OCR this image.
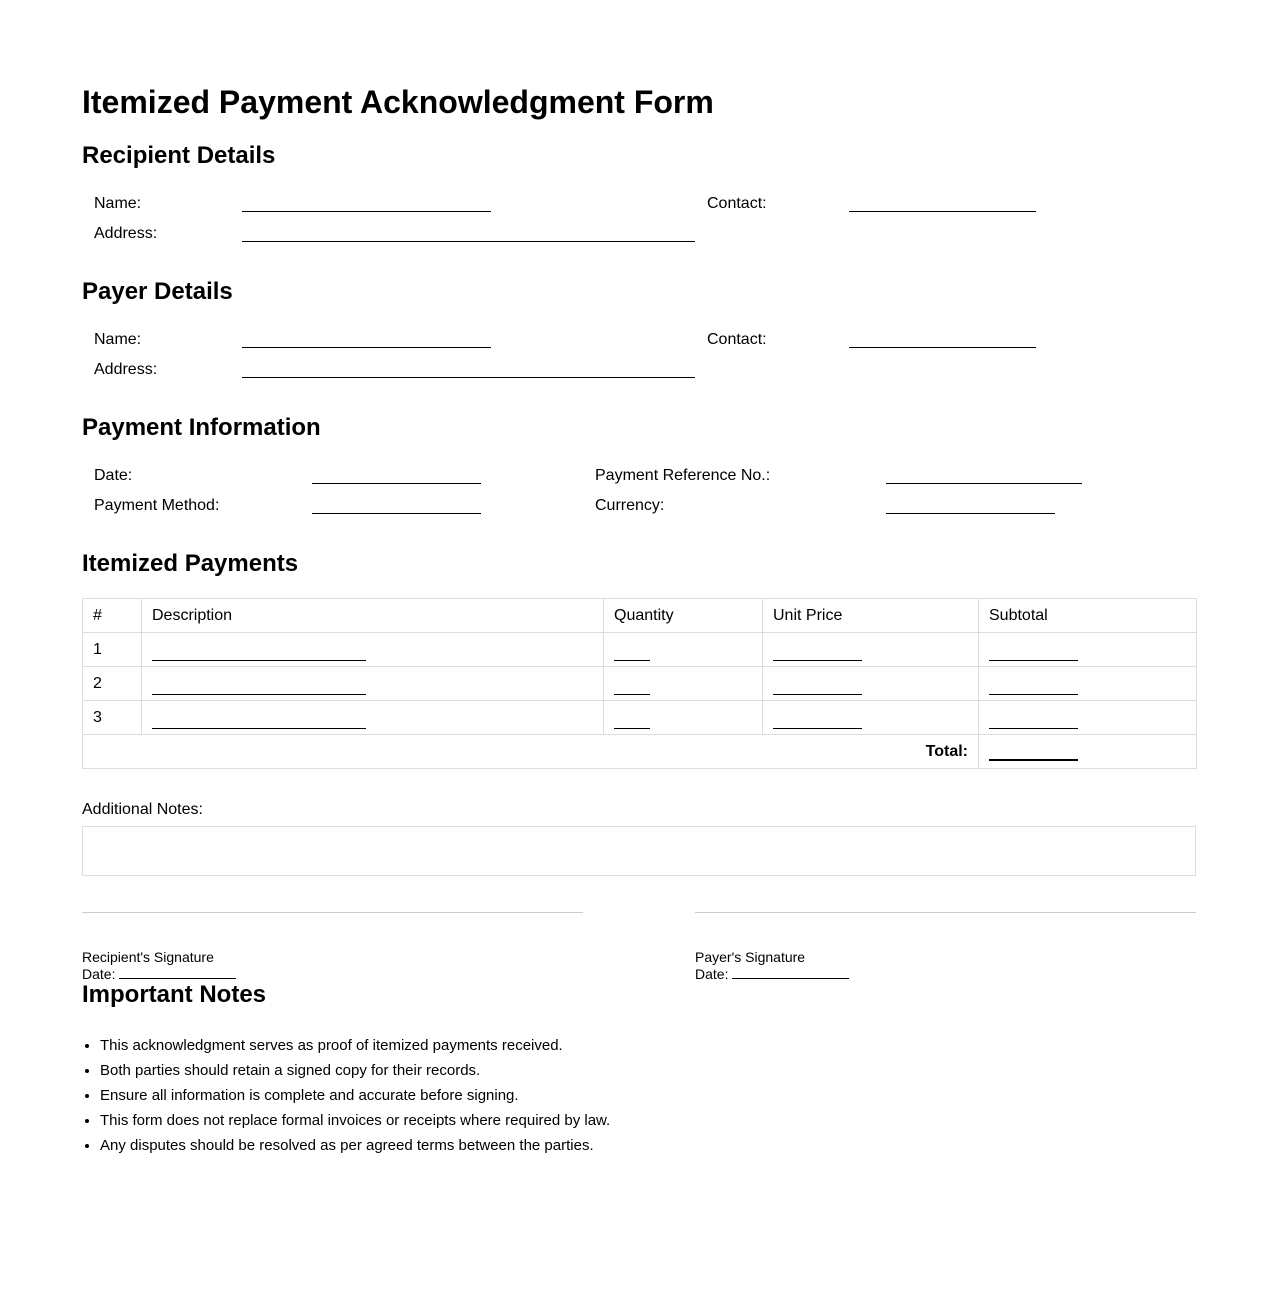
Itemized Payment Acknowledgment Form
Recipient Details
Name:	Contact:
Address:
Payer Details
Name:	Contact:
Address:
Payment Information
Date:	Payment Reference No.:
Payment Method:	Currency:
Itemized Payments
#	Description	Quantity	Unit Price	Subtotal
1				
2				
3				
Total:				
Additional Notes:
Recipient's Signature
Date:
Payer's Signature
Date:
Important Notes
• This acknowledgment serves as proof of itemized payments received.
• Both parties should retain a signed copy for their records.
• Ensure all information is complete and accurate before signing.
• This form does not replace formal invoices or receipts where required by law.
• Any disputes should be resolved as per agreed terms between the parties.
